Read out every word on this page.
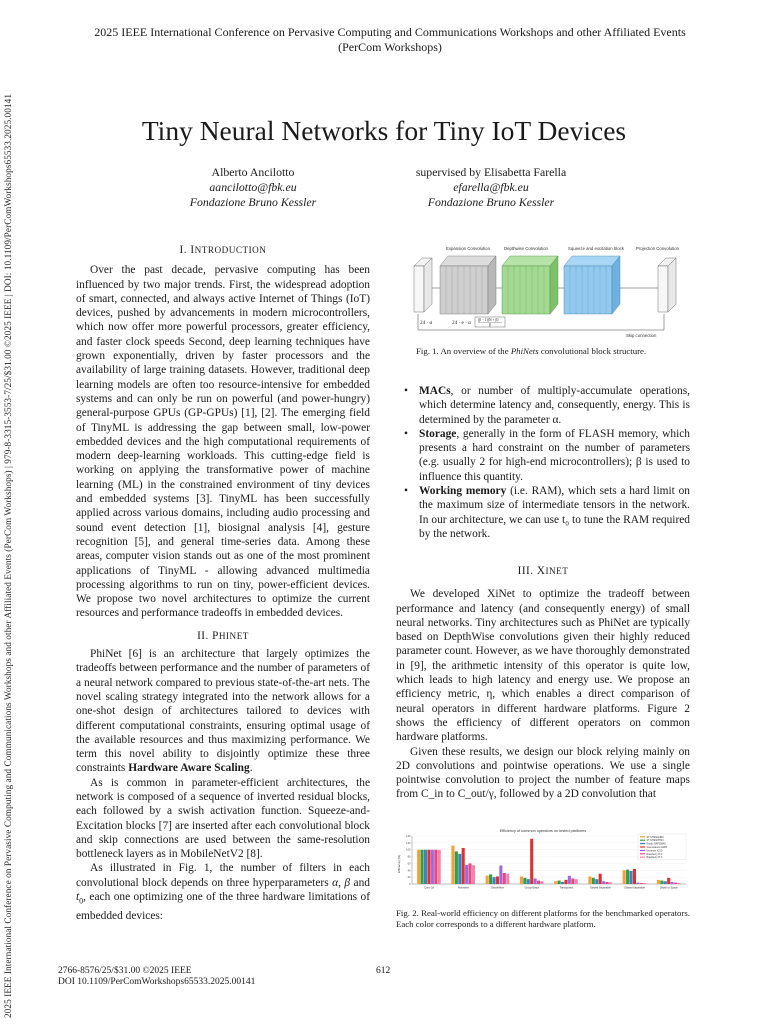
2025 IEEE International Conference on Pervasive Computing and Communications Workshops and other Affiliated Events (PerCom Workshops) | 979-8-3315-3553-7/25/$31.00 ©2025 IEEE | DOI: 10.1109/PerComWorkshops65533.2025.00141
2025 IEEE International Conference on Pervasive Computing and Communications Workshops and other Affiliated Events
(PerCom Workshops)
Tiny Neural Networks for Tiny IoT Devices
Alberto Ancilotto
aancilotto@fbk.eu
Fondazione Bruno Kessler
supervised by Elisabetta Farella
efarella@fbk.eu
Fondazione Bruno Kessler
I. INTRODUCTION

Over the past decade, pervasive computing has been influenced by two major trends. First, the widespread adoption of smart, connected, and always active Internet of Things (IoT) devices, pushed by advancements in modern microcontrollers, which now offer more powerful processors, greater efficiency, and faster clock speeds Second, deep learning techniques have grown exponentially, driven by faster processors and the availability of large training datasets. However, traditional deep learning models are often too resource-intensive for embedded systems and can only be run on powerful (and power-hungry) general-purpose GPUs (GP-GPUs) [1], [2]. The emerging field of TinyML is addressing the gap between small, low-power embedded devices and the high computational requirements of modern deep-learning workloads. This cutting-edge field is working on applying the transformative power of machine learning (ML) in the constrained environment of tiny devices and embedded systems [3]. TinyML has been successfully applied across various domains, including audio processing and sound event detection [1], biosignal analysis [4], gesture recognition [5], and general time-series data. Among these areas, computer vision stands out as one of the most prominent applications of TinyML - allowing advanced multimedia processing algorithms to run on tiny, power-efficient devices. We propose two novel architectures to optimize the current resources and performance tradeoffs in embedded devices.

II. PHINET

PhiNet [6] is an architecture that largely optimizes the tradeoffs between performance and the number of parameters of a neural network compared to previous state-of-the-art nets. The novel scaling strategy integrated into the network allows for a one-shot design of architectures tailored to devices with different computational constraints, ensuring optimal usage of the available resources and thus maximizing performance. We term this novel ability to disjointly optimize these three constraints Hardware Aware Scaling.

As is common in parameter-efficient architectures, the network is composed of a sequence of inverted residual blocks, each followed by a swish activation function. Squeeze-and-Excitation blocks [7] are inserted after each convolutional block and skip connections are used between the same-resolution bottleneck layers as in MobileNetV2 [8].

As illustrated in Fig. 1, the number of filters in each convolutional block depends on three hyperparameters α, β and $t_0$, each one optimizing one of the three hardware limitations of embedded devices:

Expansion Convolution	Depthwise Convolution	Squeeze and excitation block	Projection Convolution
24 · α	24 · e · α (β − 1)(N + β)
β
Skip connection
Fig. 1. An overview of the PhiNets convolutional block structure.
• MACs, or number of multiply-accumulate operations, which determine latency and, consequently, energy. This is determined by the parameter α.
• Storage, generally in the form of FLASH memory, which presents a hard constraint on the number of parameters (e.g. usually 2 for high-end microcontrollers); β is used to influence this quantity.
• Working memory (i.e. RAM), which sets a hard limit on the maximum size of intermediate tensors in the network. In our architecture, we can use t₀ to tune the RAM required by the network.
III. XINET

We developed XiNet to optimize the tradeoff between performance and latency (and consequently energy) of small neural networks. Tiny architectures such as PhiNet are typically based on DepthWise convolutions given their highly reduced parameter count. However, as we have thoroughly demonstrated in [9], the arithmetic intensity of this operator is quite low, which leads to high latency and energy use. We propose an efficiency metric, η, which enables a direct comparison of neural operators in different hardware platforms. Figure 2 shows the efficiency of different operators on common hardware platforms.

Given these results, we design our block relying mainly on 2D convolutions and pointwise operations. We use a single pointwise convolution to project the number of feature maps from C_in to C_out/γ, followed by a 2D convolution that

Efficiency of common operators on tested platforms
Efficiency [%]
0
20
40
60
80
100
120
140
Conv 2d	Pointwise	DepthWise	Group Batch	Transposed	Strided Separable	Dilated Separable	Depth to Space
ST STM32L4R9
ST STM32H743
Nordic NRF52840
Greenwaves GAP8
Kendryte K210
Raspberry Pi 4
Raspberry Pi 3
Fig. 2. Real-world efficiency on different platforms for the benchmarked operators. Each color corresponds to a different hardware platform.
2766-8576/25/$31.00 ©2025 IEEE
DOI 10.1109/PerComWorkshops65533.2025.00141
612
